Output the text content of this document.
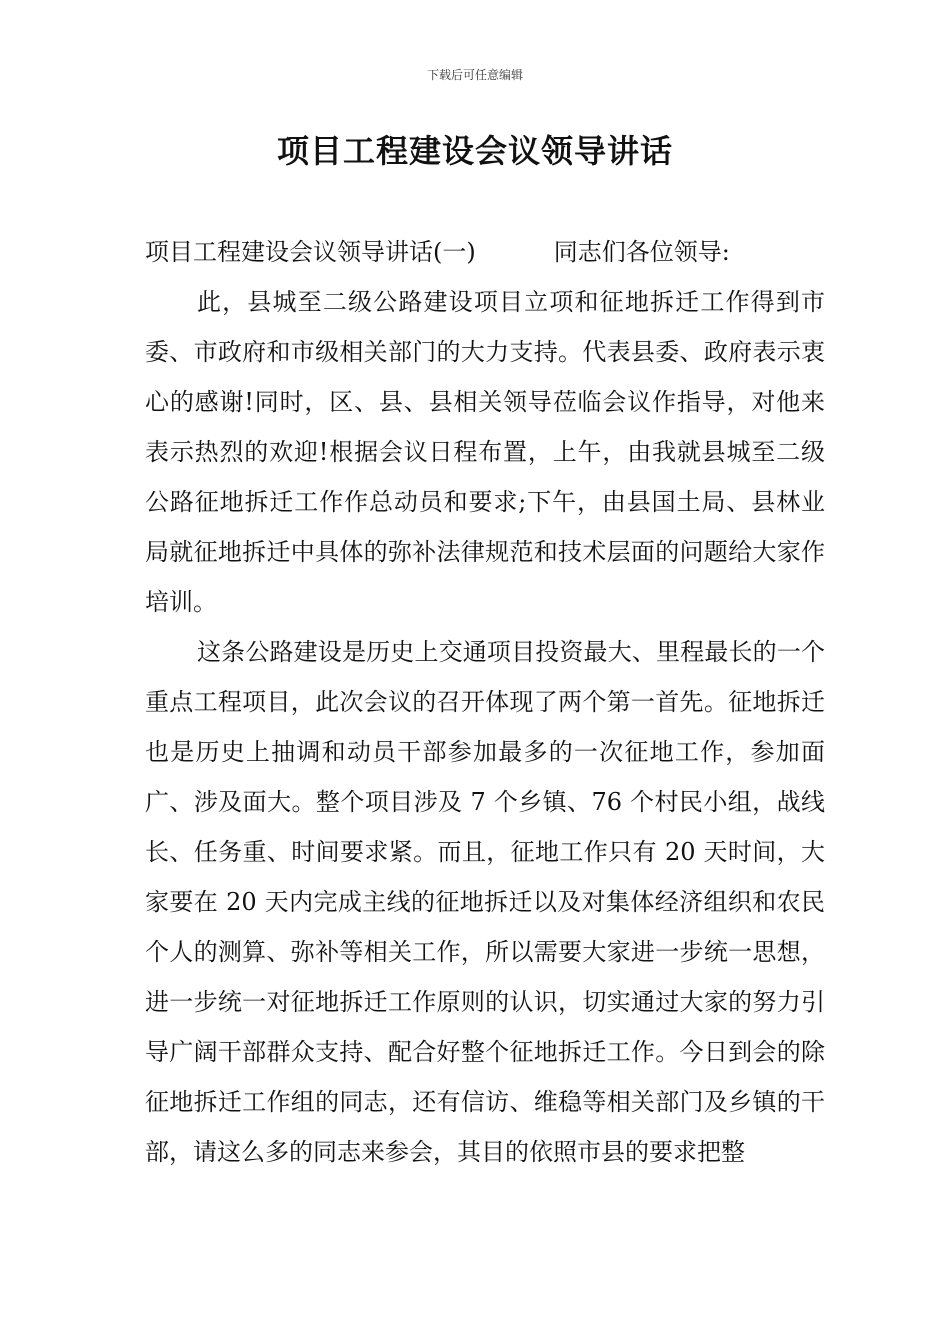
下载后可任意编辑
项目工程建设会议领导讲话

项目工程建设会议领导讲话(一)	同志们各位领导:

此，县城至二级公路建设项目立项和征地拆迁工作得到市委、市政府和市级相关部门的大力支持。代表县委、政府表示衷心的感谢!同时，区、县、县相关领导莅临会议作指导，对他来表示热烈的欢迎!根据会议日程布置，上午，由我就县城至二级公路征地拆迁工作作总动员和要求;下午，由县国土局、县林业局就征地拆迁中具体的弥补法律规范和技术层面的问题给大家作培训。

这条公路建设是历史上交通项目投资最大、里程最长的一个重点工程项目，此次会议的召开体现了两个第一首先。征地拆迁也是历史上抽调和动员干部参加最多的一次征地工作，参加面广、涉及面大。整个项目涉及 7 个乡镇、76 个村民小组，战线长、任务重、时间要求紧。而且，征地工作只有 20 天时间，大家要在 20 天内完成主线的征地拆迁以及对集体经济组织和农民个人的测算、弥补等相关工作，所以需要大家进一步统一思想，进一步统一对征地拆迁工作原则的认识，切实通过大家的努力引导广阔干部群众支持、配合好整个征地拆迁工作。今日到会的除征地拆迁工作组的同志，还有信访、维稳等相关部门及乡镇的干部，请这么多的同志来参会，其目的依照市县的要求把整
